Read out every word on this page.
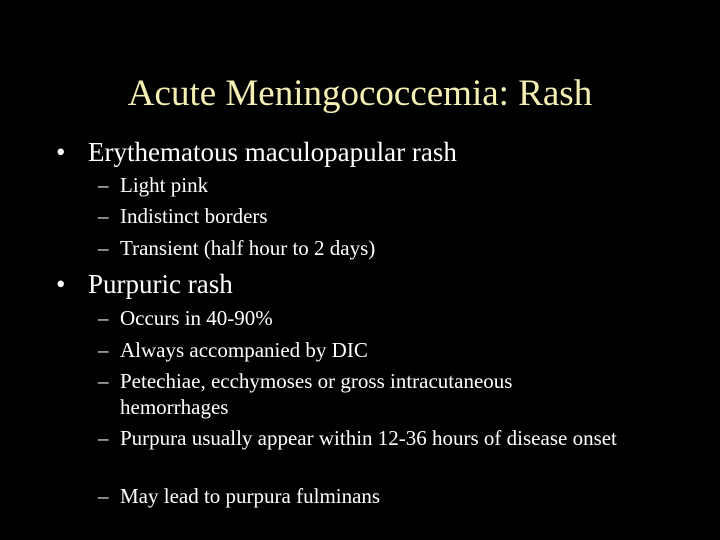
Acute Meningococcemia: Rash
• Erythematous maculopapular rash
– Light pink
– Indistinct borders
– Transient (half hour to 2 days)
• Purpuric rash
– Occurs in 40-90%
– Always accompanied by DIC
– Petechiae, ecchymoses or gross intracutaneous hemorrhages
– Purpura usually appear within 12-36 hours of disease onset
– May lead to purpura fulminans
